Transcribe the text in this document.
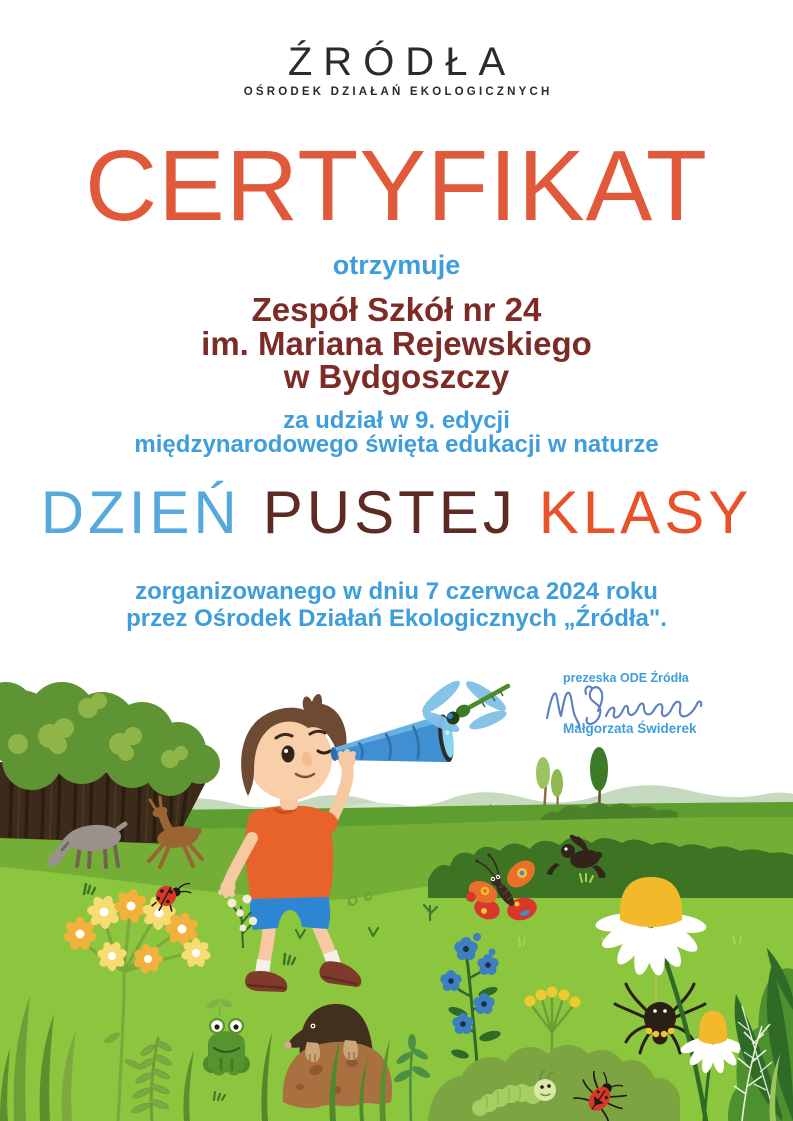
ŹRÓDŁA
OŚRODEK DZIAŁAŃ EKOLOGICZNYCH
CERTYFIKAT
otrzymuje
Zespół Szkół nr 24
im. Mariana Rejewskiego
w Bydgoszczy
za udział w 9. edycji
międzynarodowego święta edukacji w naturze
DZIEŃ PUSTEJ KLASY
zorganizowanego w dniu 7 czerwca 2024 roku
przez Ośrodek Działań Ekologicznych „Źródła".
prezeska ODE Źródła
Małgorzata Świderek
